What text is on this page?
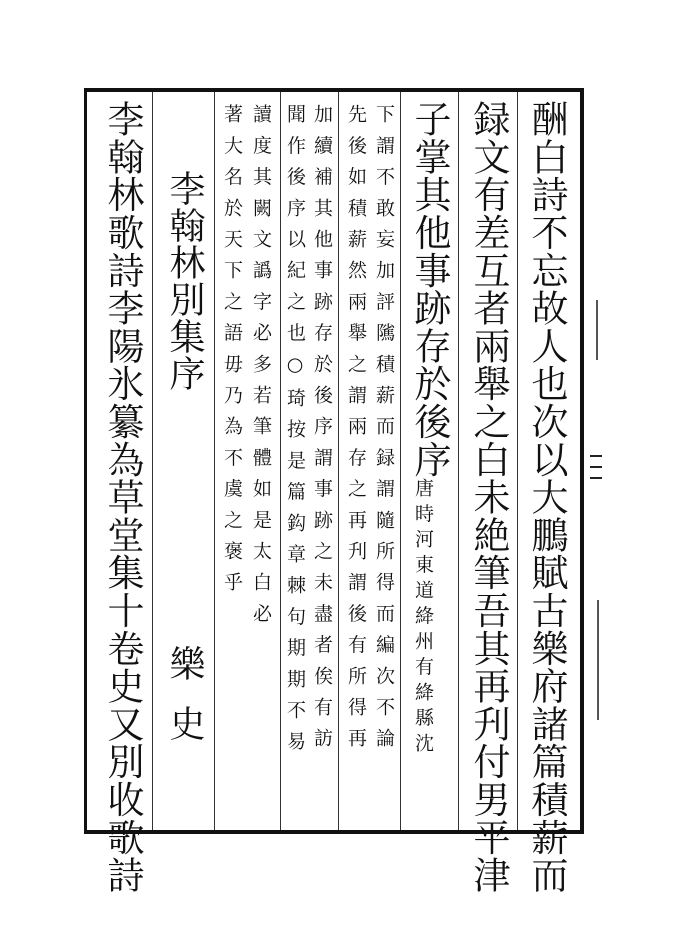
酬白詩不忘故人也次以大鵬賦古樂府諸篇積薪而
録文有差互者兩舉之白未絶筆吾其再刋付男平津
子掌其他事跡存於後序
唐時河東道絳州有絳縣沈
下謂不敢妄加評隲積薪而録謂隨所得而編次不論
先後如積薪然兩舉之謂兩存之再刋謂後有所得再
加續補其他事跡存於後序謂事跡之未盡者俟有訪
聞作後序以紀之也○琦按是篇鈎章棘句期期不易
讀度其闕文譌字必多若筆體如是太白必
著大名於天下之語毋乃為不虞之褒乎
李翰林別集序
樂史
李翰林歌詩李陽氷纂為草堂集十卷史又別收歌詩
